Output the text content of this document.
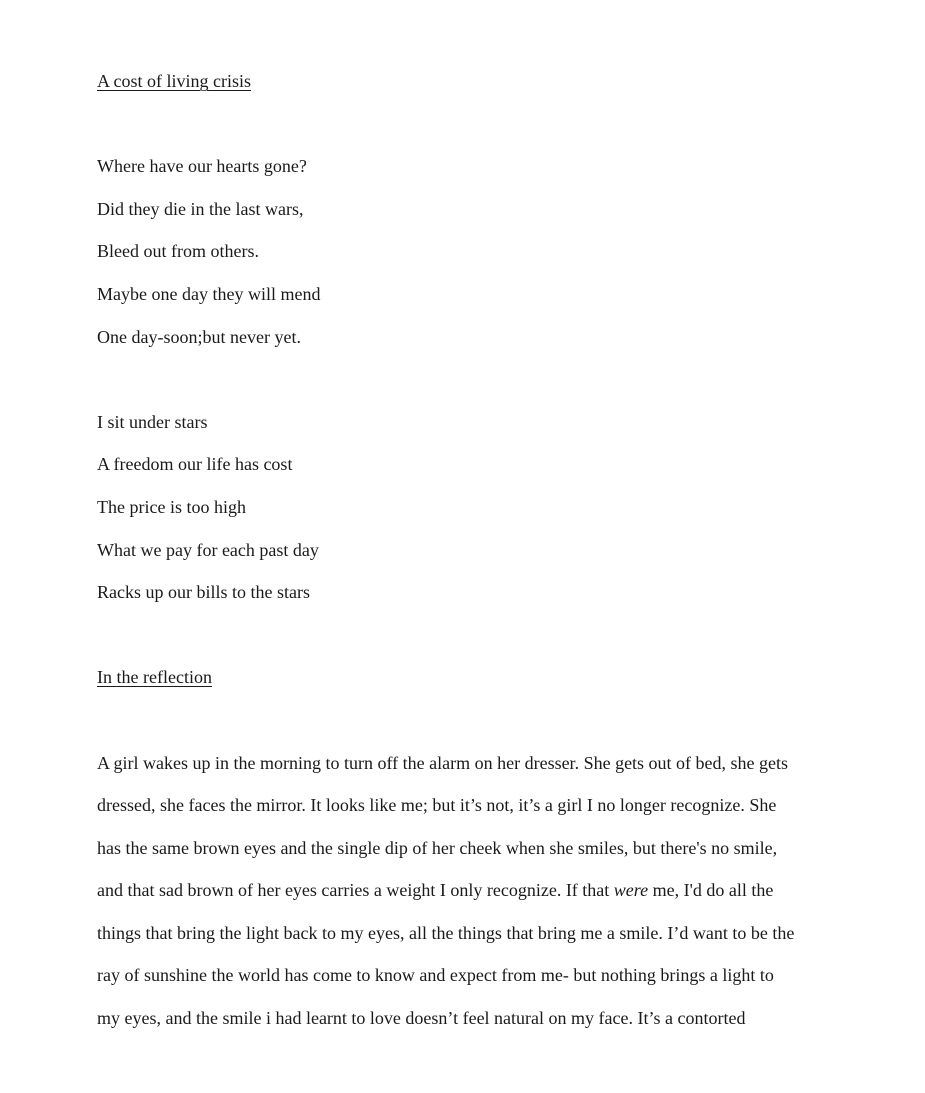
A cost of living crisis
Where have our hearts gone?
Did they die in the last wars,
Bleed out from others.
Maybe one day they will mend
One day-soon;but never yet.
I sit under stars
A freedom our life has cost
The price is too high
What we pay for each past day
Racks up our bills to the stars
In the reflection
A girl wakes up in the morning to turn off the alarm on her dresser. She gets out of bed, she gets
dressed, she faces the mirror. It looks like me; but it’s not, it’s a girl I no longer recognize. She
has the same brown eyes and the single dip of her cheek when she smiles, but there's no smile,
and that sad brown of her eyes carries a weight I only recognize. If that were me, I'd do all the
things that bring the light back to my eyes, all the things that bring me a smile. I’d want to be the
ray of sunshine the world has come to know and expect from me- but nothing brings a light to
my eyes, and the smile i had learnt to love doesn’t feel natural on my face. It’s a contorted
